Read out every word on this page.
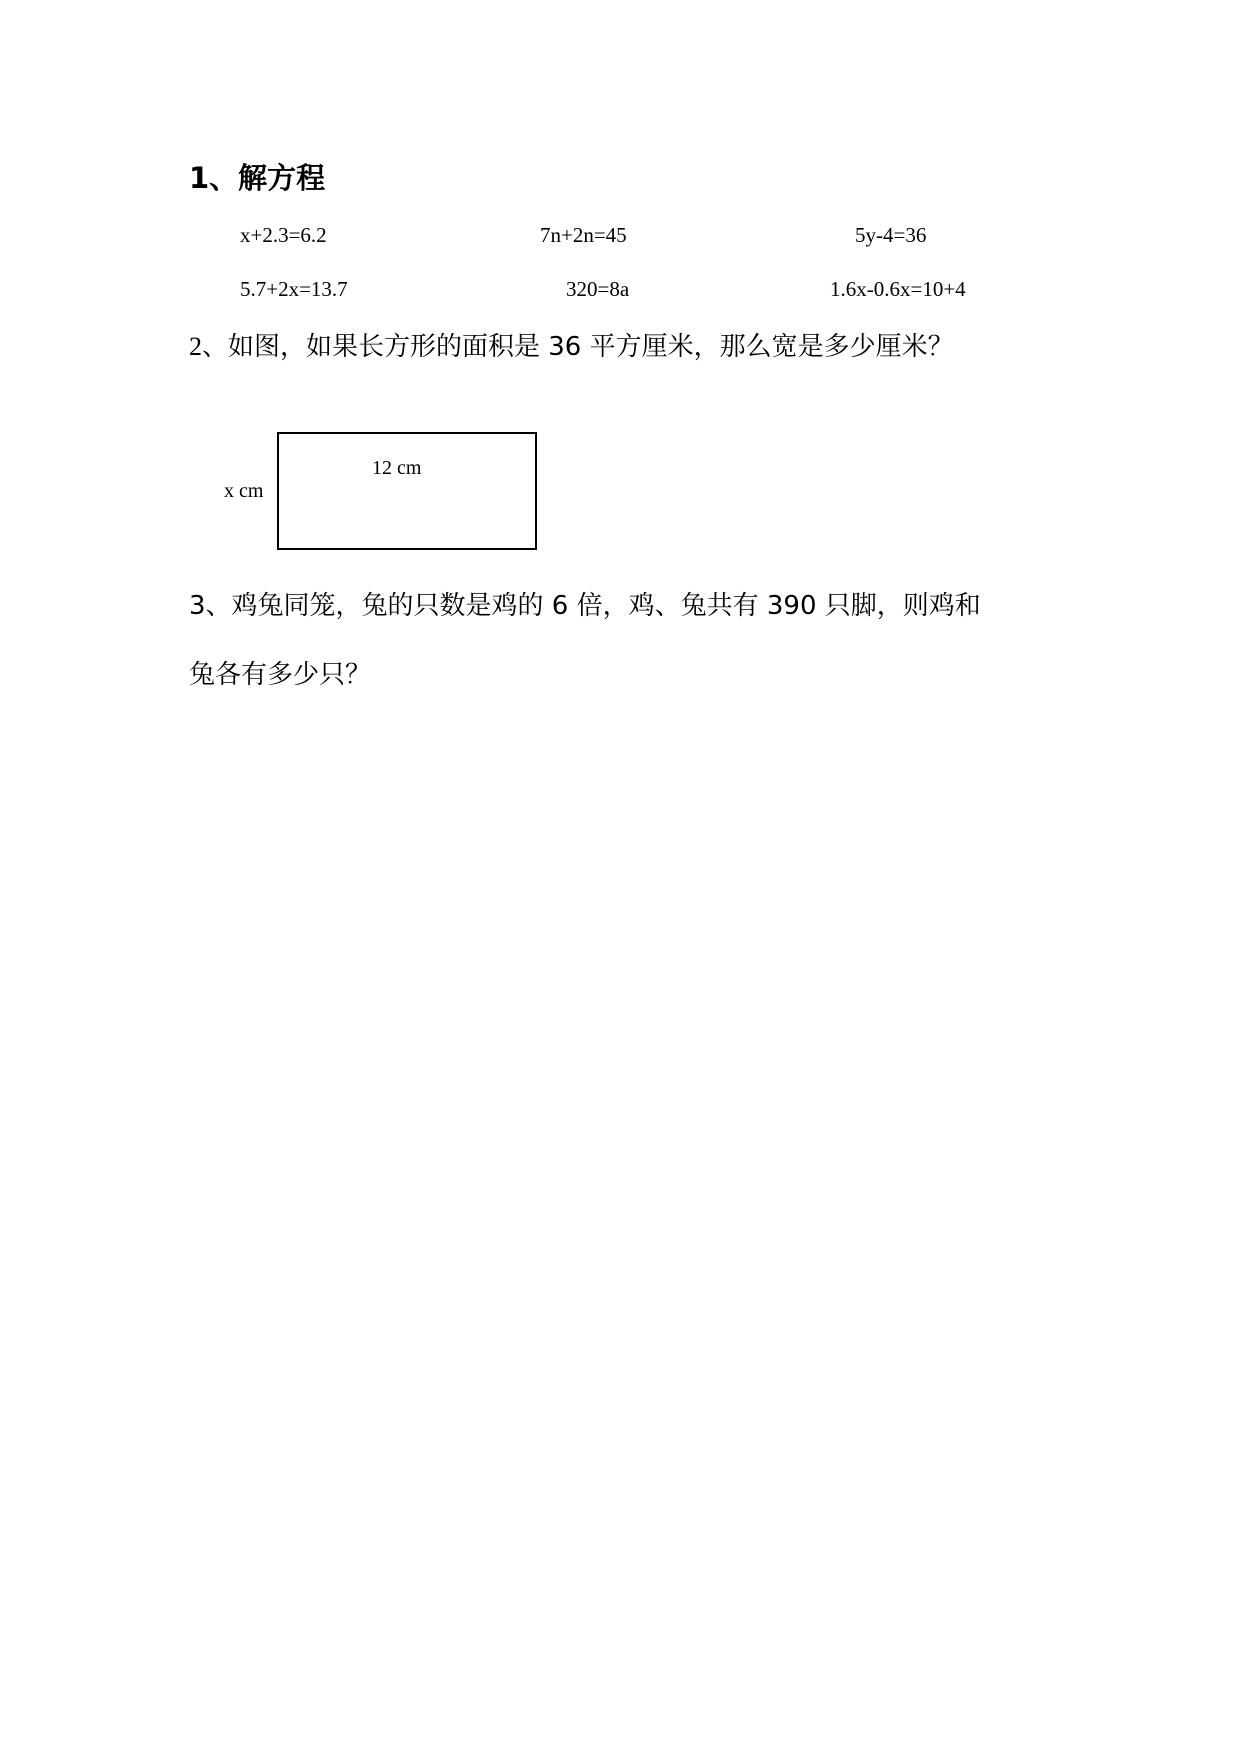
1、解方程
x+2.3=6.2	7n+2n=45	5y-4=36
5.7+2x=13.7	320=8a	1.6x-0.6x=10+4
2、如图，如果长方形的面积是 36 平方厘米，那么宽是多少厘米？
12 cm
x cm
3、鸡兔同笼，兔的只数是鸡的 6 倍，鸡、兔共有 390 只脚，则鸡和
兔各有多少只？
